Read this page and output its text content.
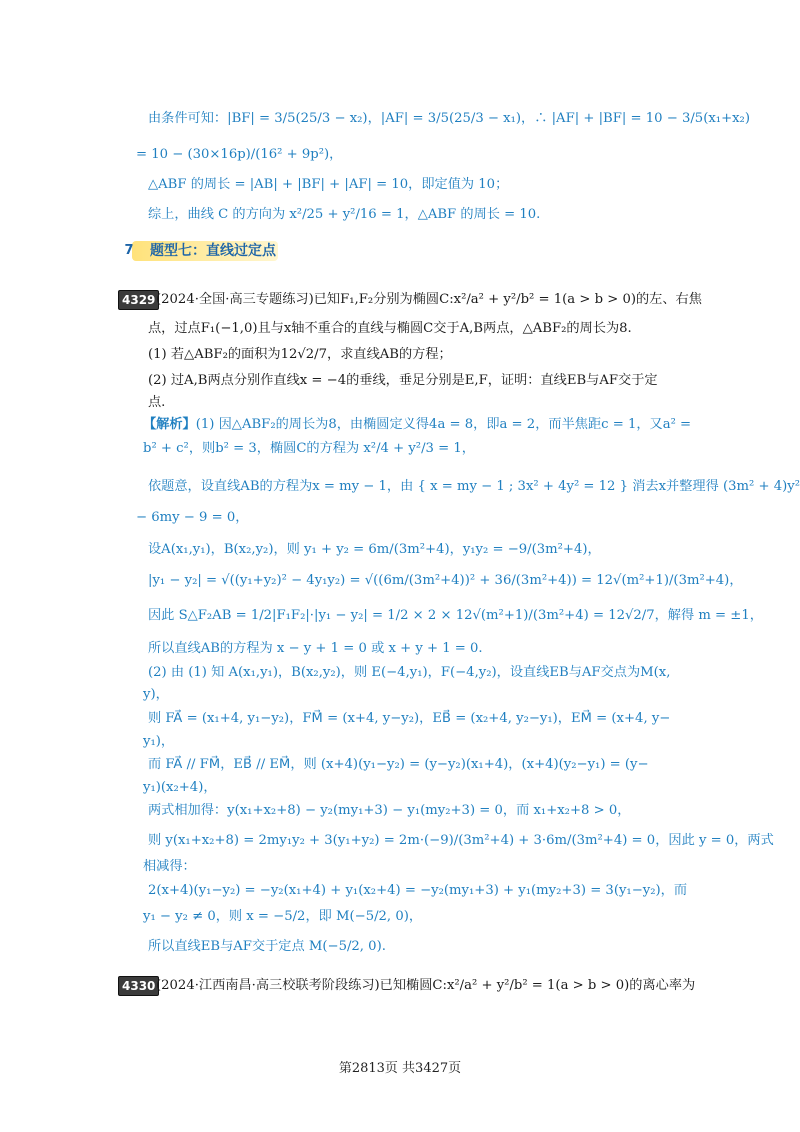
由条件可知：|BF| = 3/5(25/3 − x₂)，|AF| = 3/5(25/3 − x₁)，∴ |AF| + |BF| = 10 − 3/5(x₁+x₂)
= 10 − (30×16p)/(16² + 9p²)，
△ABF 的周长 = |AB| + |BF| + |AF| = 10，即定值为 10；
综上，曲线 C 的方向为 x²/25 + y²/16 = 1，△ABF 的周长 = 10.
7	题型七：直线过定点
4329 (2024·全国·高三专题练习)已知F₁,F₂分别为椭圆C:x²/a² + y²/b² = 1(a > b > 0)的左、右焦
点，过点F₁(−1,0)且与x轴不重合的直线与椭圆C交于A,B两点，△ABF₂的周长为8.
(1) 若△ABF₂的面积为12√2/7，求直线AB的方程；
(2) 过A,B两点分别作直线x = −4的垂线，垂足分别是E,F，证明：直线EB与AF交于定
点.
【解析】(1) 因△ABF₂的周长为8，由椭圆定义得4a = 8，即a = 2，而半焦距c = 1，又a² =
b² + c²，则b² = 3，椭圆C的方程为 x²/4 + y²/3 = 1，
依题意，设直线AB的方程为x = my − 1，由 { x = my − 1 ; 3x² + 4y² = 12 } 消去x并整理得 (3m² + 4)y²
− 6my − 9 = 0，
设A(x₁,y₁)，B(x₂,y₂)，则 y₁ + y₂ = 6m/(3m²+4)，y₁y₂ = −9/(3m²+4)，
|y₁ − y₂| = √((y₁+y₂)² − 4y₁y₂) = √((6m/(3m²+4))² + 36/(3m²+4)) = 12√(m²+1)/(3m²+4)，
因此 S△F₂AB = 1/2|F₁F₂|·|y₁ − y₂| = 1/2 × 2 × 12√(m²+1)/(3m²+4) = 12√2/7，解得 m = ±1，
所以直线AB的方程为 x − y + 1 = 0 或 x + y + 1 = 0.
(2) 由 (1) 知 A(x₁,y₁)，B(x₂,y₂)，则 E(−4,y₁)，F(−4,y₂)，设直线EB与AF交点为M(x,
y)，
则 FA⃗ = (x₁+4, y₁−y₂)，FM⃗ = (x+4, y−y₂)，EB⃗ = (x₂+4, y₂−y₁)，EM⃗ = (x+4, y−
y₁)，
而 FA⃗ // FM⃗，EB⃗ // EM⃗，则 (x+4)(y₁−y₂) = (y−y₂)(x₁+4)，(x+4)(y₂−y₁) = (y−
y₁)(x₂+4)，
两式相加得：y(x₁+x₂+8) − y₂(my₁+3) − y₁(my₂+3) = 0，而 x₁+x₂+8 > 0，
则 y(x₁+x₂+8) = 2my₁y₂ + 3(y₁+y₂) = 2m·(−9)/(3m²+4) + 3·6m/(3m²+4) = 0，因此 y = 0，两式
相减得：
2(x+4)(y₁−y₂) = −y₂(x₁+4) + y₁(x₂+4) = −y₂(my₁+3) + y₁(my₂+3) = 3(y₁−y₂)，而
y₁ − y₂ ≠ 0，则 x = −5/2，即 M(−5/2, 0)，
所以直线EB与AF交于定点 M(−5/2, 0).
4330 (2024·江西南昌·高三校联考阶段练习)已知椭圆C:x²/a² + y²/b² = 1(a > b > 0)的离心率为
第2813页 共3427页
